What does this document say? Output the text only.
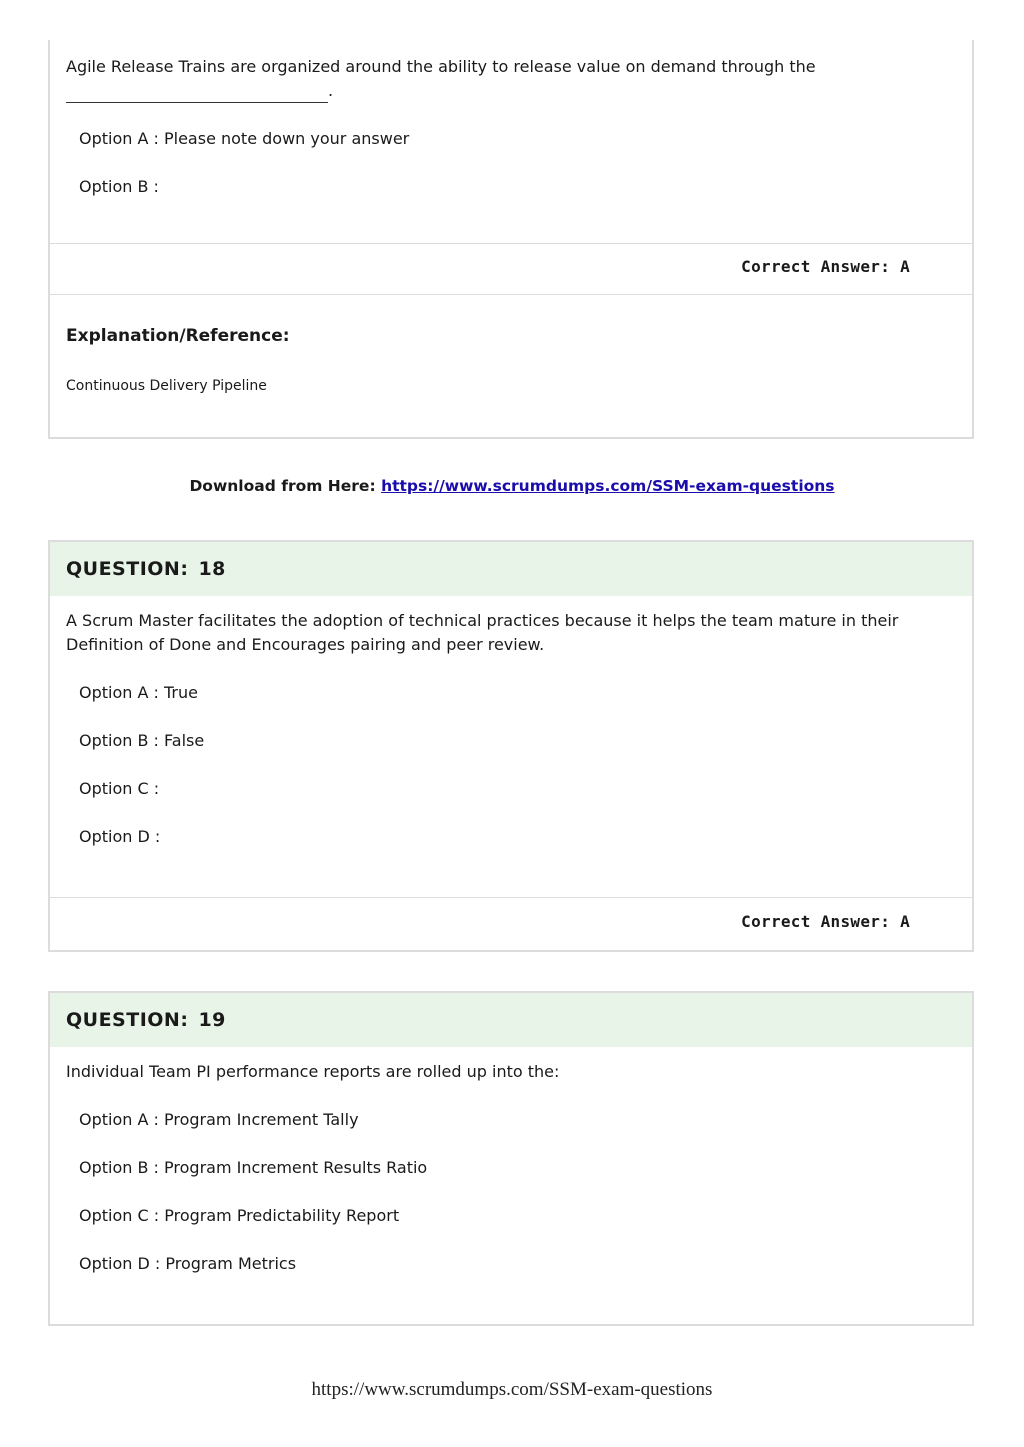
Agile Release Trains are organized around the ability to release value on demand through the
.

Option A : Please note down your answer
Option B :
Correct Answer: A
Explanation/Reference:
Continuous Delivery Pipeline
Download from Here: https://www.scrumdumps.com/SSM-exam-questions
QUESTION: 18

A Scrum Master facilitates the adoption of technical practices because it helps the team mature in their
Definition of Done and Encourages pairing and peer review.

Option A : True
Option B : False
Option C :
Option D :
Correct Answer: A
QUESTION: 19

Individual Team PI performance reports are rolled up into the:

Option A : Program Increment Tally
Option B : Program Increment Results Ratio
Option C : Program Predictability Report
Option D : Program Metrics
https://www.scrumdumps.com/SSM-exam-questions
